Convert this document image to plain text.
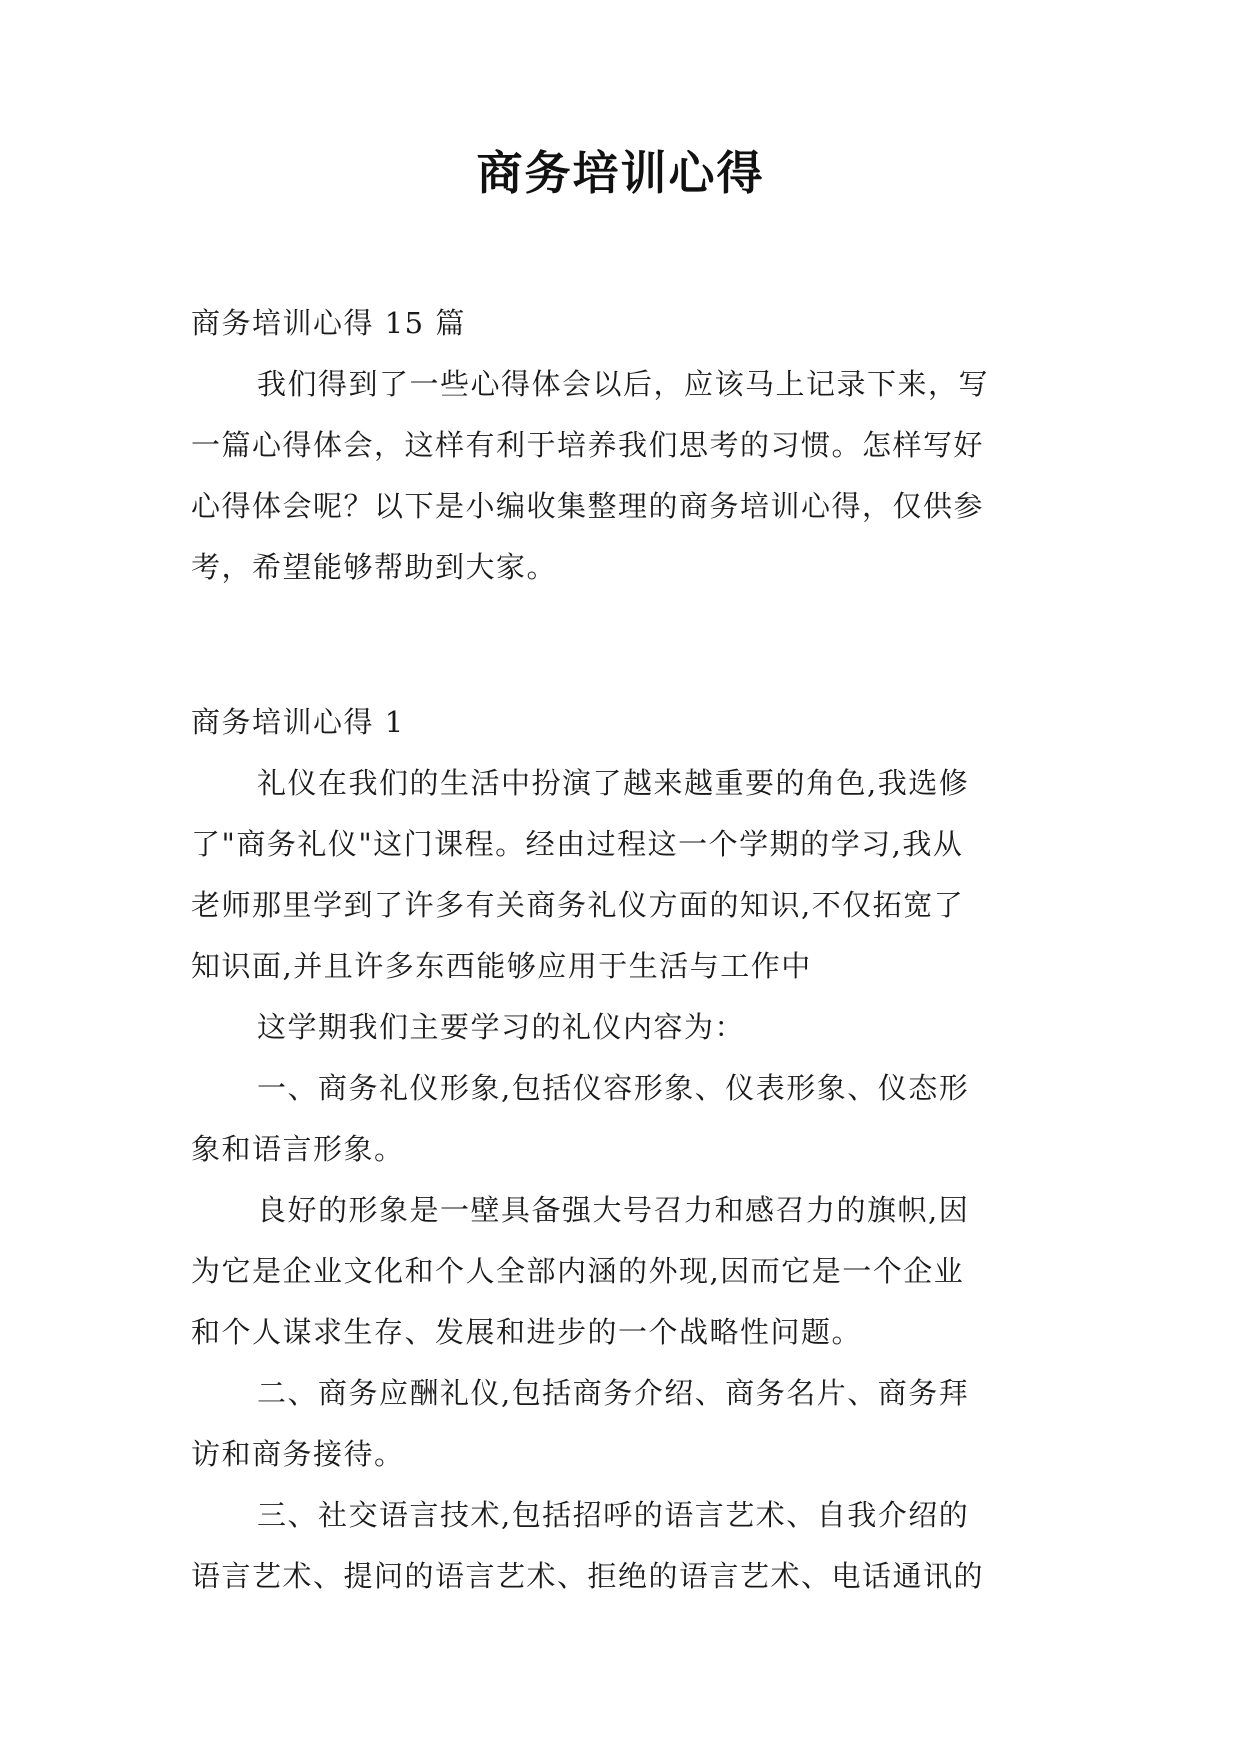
商务培训心得

商务培训心得 15 篇

我们得到了一些心得体会以后，应该马上记录下来，写

一篇心得体会，这样有利于培养我们思考的习惯。怎样写好

心得体会呢？以下是小编收集整理的商务培训心得，仅供参

考，希望能够帮助到大家。

商务培训心得 1

礼仪在我们的生活中扮演了越来越重要的角色,我选修

了"商务礼仪"这门课程。经由过程这一个学期的学习,我从

老师那里学到了许多有关商务礼仪方面的知识,不仅拓宽了

知识面,并且许多东西能够应用于生活与工作中

这学期我们主要学习的礼仪内容为：

一、商务礼仪形象,包括仪容形象、仪表形象、仪态形

象和语言形象。

良好的形象是一壁具备强大号召力和感召力的旗帜,因

为它是企业文化和个人全部内涵的外现,因而它是一个企业

和个人谋求生存、发展和进步的一个战略性问题。

二、商务应酬礼仪,包括商务介绍、商务名片、商务拜

访和商务接待。

三、社交语言技术,包括招呼的语言艺术、自我介绍的

语言艺术、提问的语言艺术、拒绝的语言艺术、电话通讯的
